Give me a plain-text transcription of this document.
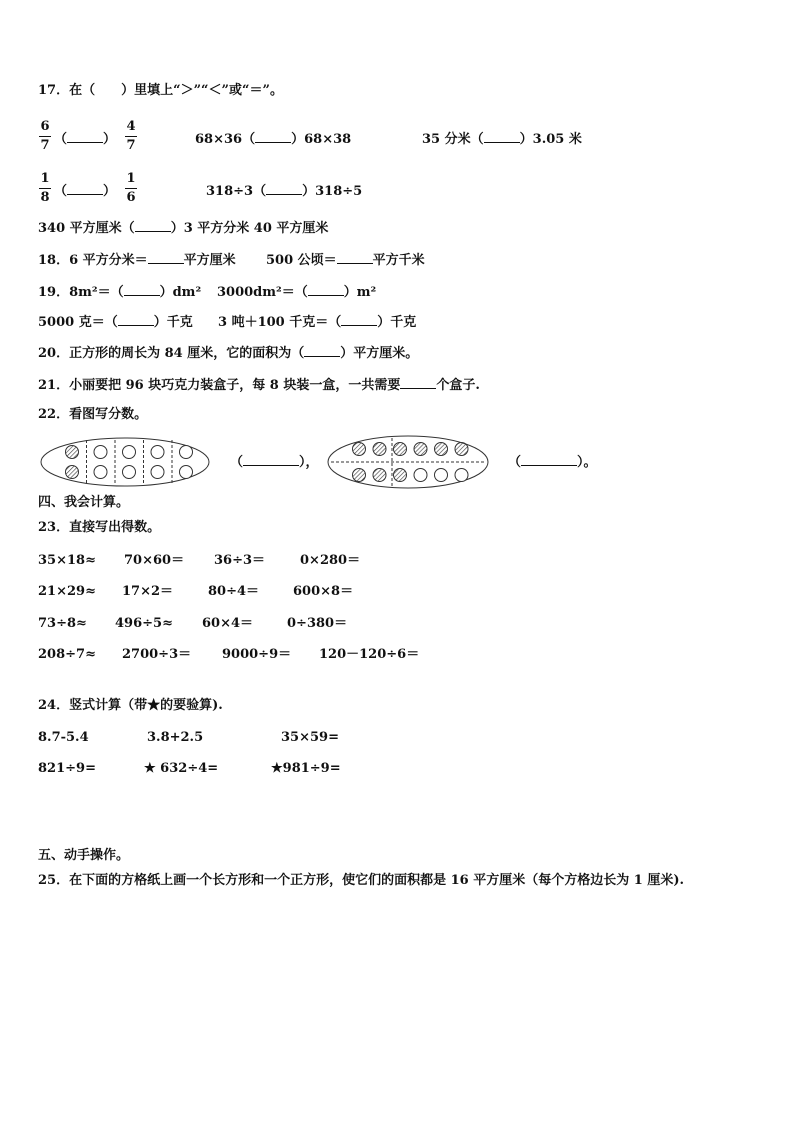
17．在（　　）里填上“＞”“＜”或“＝”。
6
7 （	）
4
7	68×36（	）68×38	35 分米（	）3.05 米
1
8 （	）
1
6	318÷3（	）318÷5
340 平方厘米（	）3 平方分米 40 平方厘米
18．6 平方分米＝	平方厘米 500 公顷＝	平方千米
19．8m²＝（	）dm² 3000dm²＝（	）m²
5000 克＝（	）千克 3 吨＋100 千克＝（	）千克
20．正方形的周长为 84 厘米，它的面积为（	）平方厘米。
21．小丽要把 96 块巧克力装盒子，每 8 块装一盒，一共需要	个盒子.
22．看图写分数。
（	），	（	）。
四、我会计算。
23．直接写出得数。
35×18≈ 70×60＝ 36÷3＝	0×280＝
21×29≈ 17×2＝	80÷4＝	600×8＝
73÷8≈ 496÷5≈ 60×4＝	0÷380＝
208÷7≈ 2700÷3＝ 9000÷9＝ 120－120÷6＝
24．竖式计算（带★的要验算).
8.7-5.4	3.8+2.5	35×59=
821÷9=	★ 632÷4=	★981÷9=
五、动手操作。
25．在下面的方格纸上画一个长方形和一个正方形，使它们的面积都是 16 平方厘米（每个方格边长为 1 厘米).
